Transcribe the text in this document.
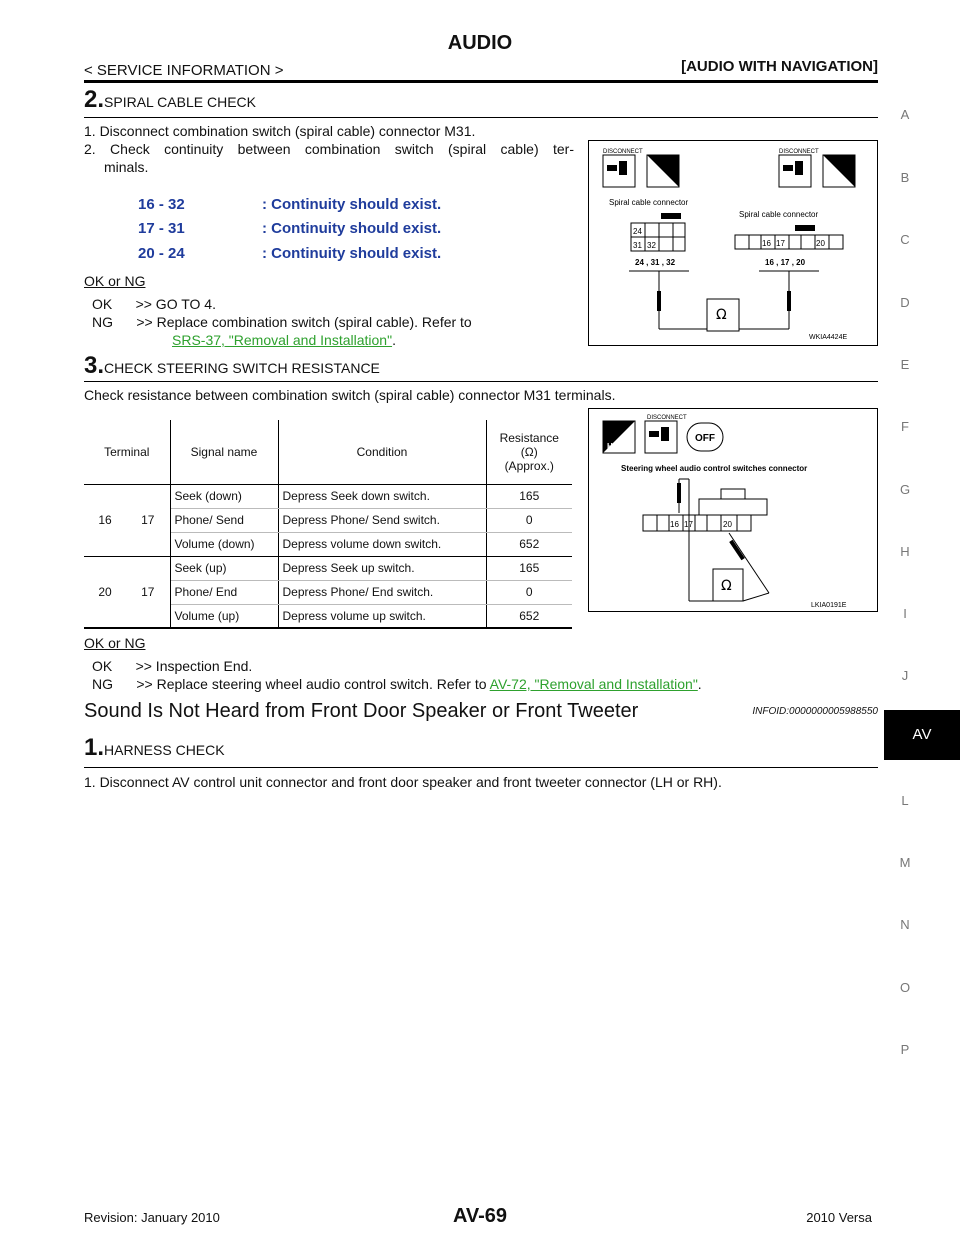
AUDIO
< SERVICE INFORMATION >	[AUDIO WITH NAVIGATION]
A
B
C
D
E
F
G
H
I
J
AV
L
M
N
O
P
2.SPIRAL CABLE CHECK
1. Disconnect combination switch (spiral cable) connector M31.
2. Check continuity between combination switch (spiral cable) ter-
minals.
16 - 32	: Continuity should exist.
17 - 31	: Continuity should exist.
20 - 24	: Continuity should exist.
OK or NG
OK      >> GO TO 4.
NG      >> Replace combination switch (spiral cable). Refer to
SRS-37, "Removal and Installation".
DISCONNECT
T.S.
DISCONNECT
T.S.
Spiral cable connector
Spiral cable connector
24
31 32	16 17	20
24 , 31 , 32	16 , 17 , 20
Ω
WKIA4424E
3.CHECK STEERING SWITCH RESISTANCE
Check resistance between combination switch (spiral cable) connector M31 terminals.
Terminal		Signal name	Condition	Resistance
(Ω)
(Approx.)

16	17	Seek (down)	Depress Seek down switch.	165
		Phone/ Send	Depress Phone/ Send switch.	0
		Volume (down)	Depress volume down switch.	652
20	17	Seek (up)	Depress Seek up switch.	165
		Phone/ End	Depress Phone/ End switch.	0
		Volume (up)	Depress volume up switch.	652
H.S.
DISCONNECT
OFF
Steering wheel audio control switches connector
16 17	20
Ω
LKIA0191E
OK or NG
OK      >> Inspection End.
NG      >> Replace steering wheel audio control switch. Refer to AV-72, "Removal and Installation".
Sound Is Not Heard from Front Door Speaker or Front Tweeter	INFOID:0000000005988550
1.HARNESS CHECK
1. Disconnect AV control unit connector and front door speaker and front tweeter connector (LH or RH).
Revision: January 2010	AV-69	2010 Versa
